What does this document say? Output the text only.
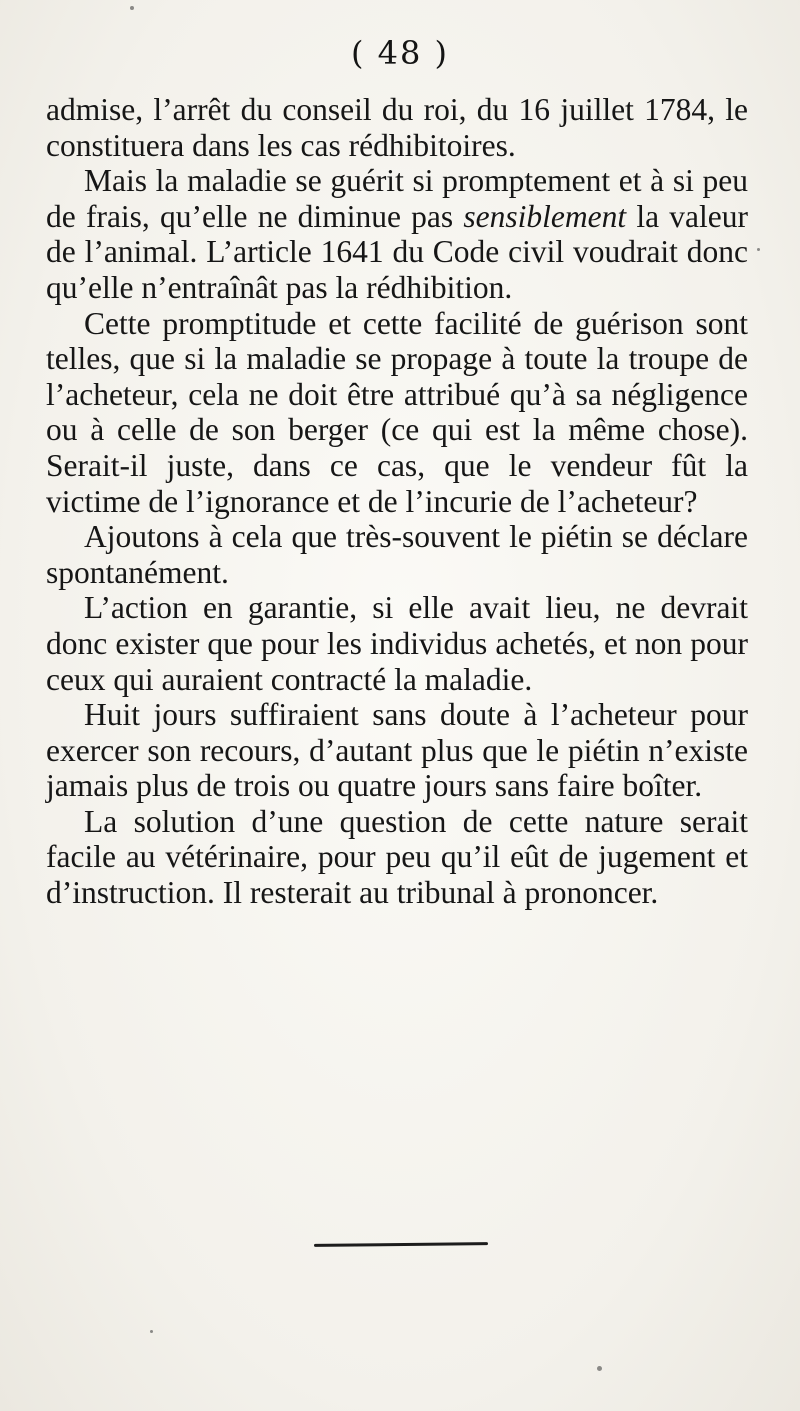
( 48 )

admise, l’arrêt du conseil du roi, du 16 juillet 1784, le constituera dans les cas rédhibitoires.

Mais la maladie se guérit si promptement et à si peu de frais, qu’elle ne diminue pas sensiblement la valeur de l’animal. L’article 1641 du Code civil voudrait donc qu’elle n’entraînât pas la rédhibition.

Cette promptitude et cette facilité de guérison sont telles, que si la maladie se propage à toute la troupe de l’acheteur, cela ne doit être attribué qu’à sa négligence ou à celle de son berger (ce qui est la même chose). Serait-il juste, dans ce cas, que le vendeur fût la victime de l’ignorance et de l’incurie de l’acheteur?

Ajoutons à cela que très-souvent le piétin se déclare spontanément.

L’action en garantie, si elle avait lieu, ne devrait donc exister que pour les individus achetés, et non pour ceux qui auraient contracté la maladie.

Huit jours suffiraient sans doute à l’acheteur pour exercer son recours, d’autant plus que le piétin n’existe jamais plus de trois ou quatre jours sans faire boîter.

La solution d’une question de cette nature serait facile au vétérinaire, pour peu qu’il eût de jugement et d’instruction. Il resterait au tribunal à prononcer.
